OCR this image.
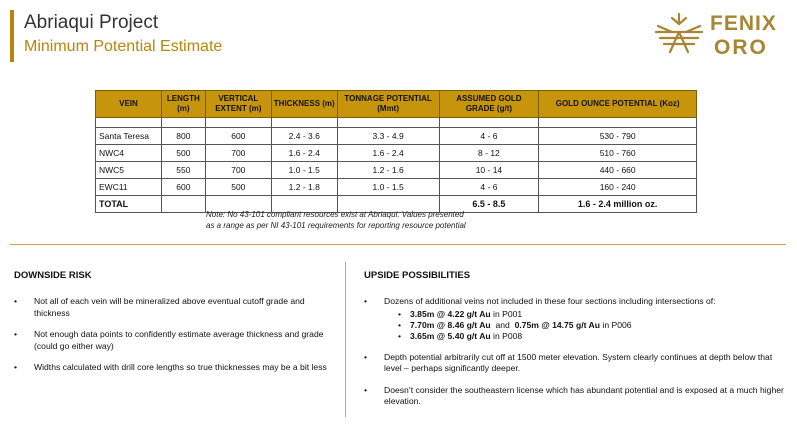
Abriaqui Project
Minimum Potential Estimate
FENIX
ORO
VEIN	LENGTH (m)	VERTICAL EXTENT (m)	THICKNESS (m)	TONNAGE POTENTIAL (Mmt)	ASSUMED GOLD GRADE (g/t)	GOLD OUNCE POTENTIAL (Koz)

Santa Teresa	800	600	2.4 - 3.6	3.3 - 4.9	4 - 6	530 - 790
NWC4	500	700	1.6 - 2.4	1.6 - 2.4	8 - 12	510 - 760
NWC5	550	700	1.0 - 1.5	1.2 - 1.6	10 - 14	440 - 660
EWC11	600	500	1.2 - 1.8	1.0 - 1.5	4 - 6	160 - 240
TOTAL					6.5 - 8.5	1.6 - 2.4 million oz.
Note: No 43-101 compliant resources exist at Abriaqui. Values presented
as a range as per NI 43-101 requirements for reporting resource potential
DOWNSIDE RISK
• Not all of each vein will be mineralized above eventual cutoff grade and thickness
• Not enough data points to confidently estimate average thickness and grade (could go either way)
• Widths calculated with drill core lengths so true thicknesses may be a bit less
UPSIDE POSSIBILITIES
• Dozens of additional veins not included in these four sections including intersections of:
• 3.85m @ 4.22 g/t Au in P001
• 7.70m @ 8.46 g/t Au  and  0.75m @ 14.75 g/t Au in P006
• 3.65m @ 5.40 g/t Au in P008
• Depth potential arbitrarily cut off at 1500 meter elevation. System clearly continues at depth below that level – perhaps significantly deeper.
• Doesn’t consider the southeastern license which has abundant potential and is exposed at a much higher elevation.
